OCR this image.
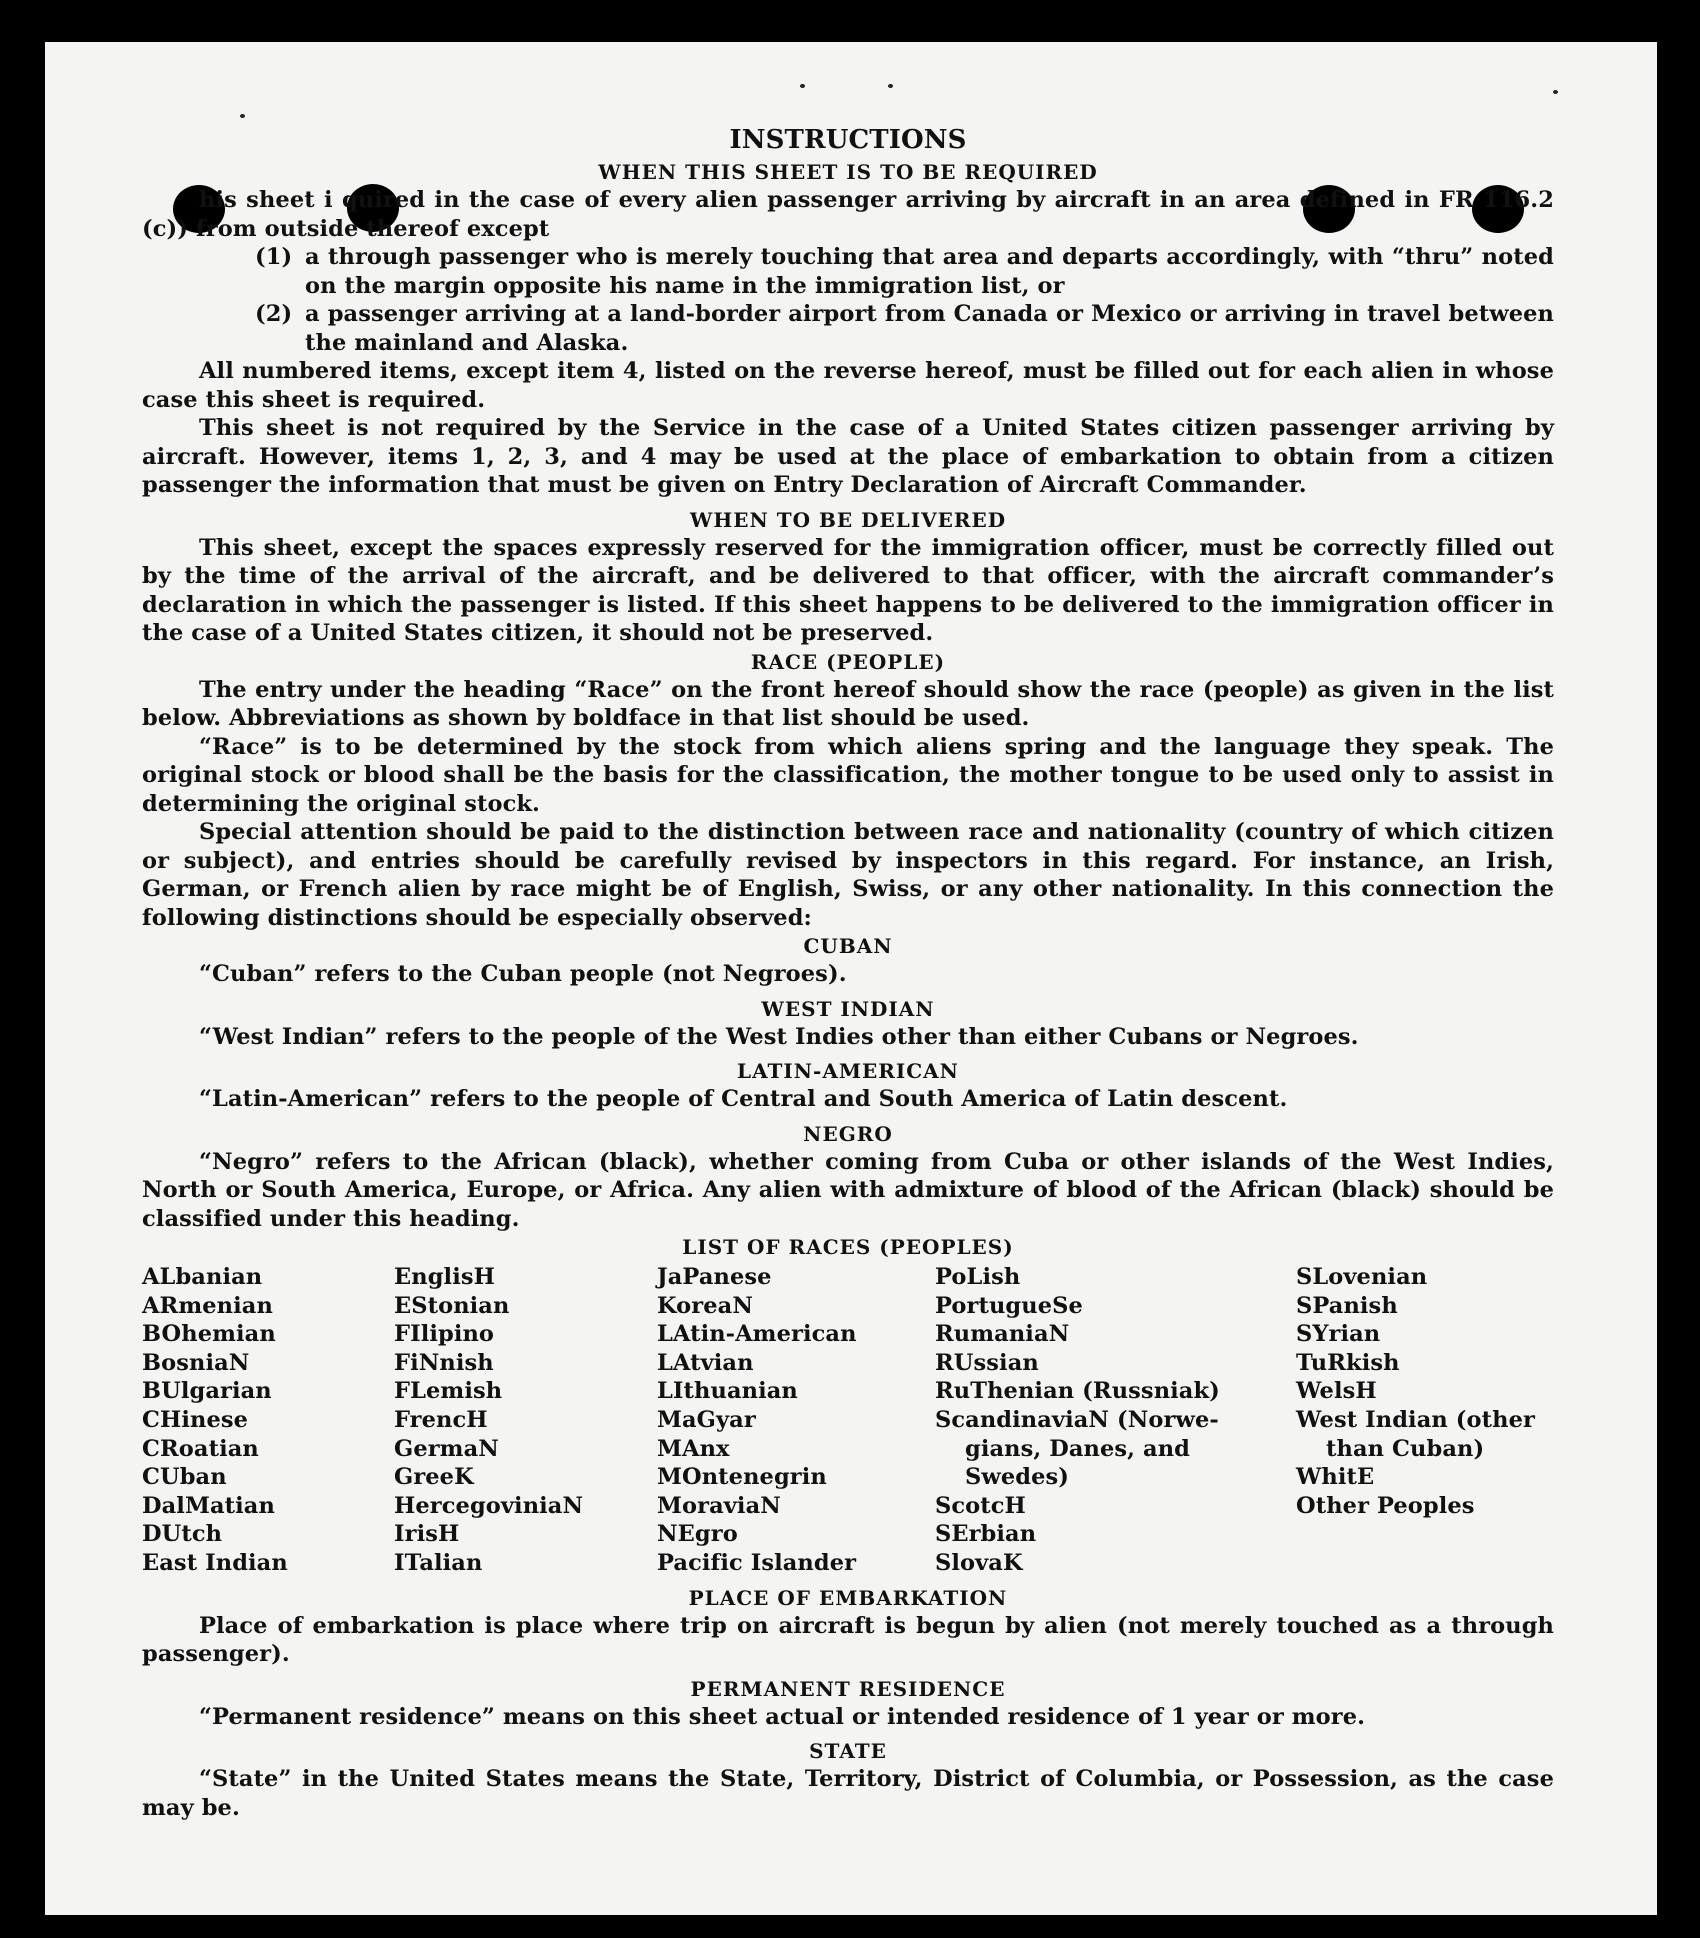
INSTRUCTIONS
WHEN THIS SHEET IS TO BE REQUIRED

his sheet i quired in the case of every alien passenger arriving by aircraft in an area defined in FR 116.2 (c)) from outside thereof except

(1) a through passenger who is merely touching that area and departs accordingly, with “thru” noted on the margin opposite his name in the immigration list, or
(2) a passenger arriving at a land-border airport from Canada or Mexico or arriving in travel between the mainland and Alaska.

All numbered items, except item 4, listed on the reverse hereof, must be filled out for each alien in whose case this sheet is required.

This sheet is not required by the Service in the case of a United States citizen passenger arriving by aircraft. However, items 1, 2, 3, and 4 may be used at the place of embarkation to obtain from a citizen passenger the information that must be given on Entry Declaration of Aircraft Commander.

WHEN TO BE DELIVERED

This sheet, except the spaces expressly reserved for the immigration officer, must be correctly filled out by the time of the arrival of the aircraft, and be delivered to that officer, with the aircraft commander’s declaration in which the passenger is listed. If this sheet happens to be delivered to the immigration officer in the case of a United States citizen, it should not be preserved.

RACE (PEOPLE)

The entry under the heading “Race” on the front hereof should show the race (people) as given in the list below. Abbreviations as shown by boldface in that list should be used.

“Race” is to be determined by the stock from which aliens spring and the language they speak. The original stock or blood shall be the basis for the classification, the mother tongue to be used only to assist in determining the original stock.

Special attention should be paid to the distinction between race and nationality (country of which citizen or subject), and entries should be carefully revised by inspectors in this regard. For instance, an Irish, German, or French alien by race might be of English, Swiss, or any other nationality. In this connection the following distinctions should be especially observed:

CUBAN

“Cuban” refers to the Cuban people (not Negroes).

WEST INDIAN

“West Indian” refers to the people of the West Indies other than either Cubans or Negroes.

LATIN-AMERICAN

“Latin-American” refers to the people of Central and South America of Latin descent.

NEGRO

“Negro” refers to the African (black), whether coming from Cuba or other islands of the West Indies, North or South America, Europe, or Africa. Any alien with admixture of blood of the African (black) should be classified under this heading.

LIST OF RACES (PEOPLES)
ALbanian
ARmenian
BOhemian
BosniaN
BUlgarian
CHinese
CRoatian
CUban
DalMatian
DUtch
East Indian
EnglisH
EStonian
FIlipino
FiNnish
FLemish
FrencH
GermaN
GreeK
HercegoviniaN
IrisH
ITalian
JaPanese
KoreaN
LAtin-American
LAtvian
LIthuanian
MaGyar
MAnx
MOntenegrin
MoraviaN
NEgro
Pacific Islander
PoLish
PortugueSe
RumaniaN
RUssian
RuThenian (Russniak)
ScandinaviaN (Norwe-
gians, Danes, and
Swedes)
ScotcH
SErbian
SlovaK
SLovenian
SPanish
SYrian
TuRkish
WelsH
West Indian (other
than Cuban)
WhitE
Other Peoples
PLACE OF EMBARKATION

Place of embarkation is place where trip on aircraft is begun by alien (not merely touched as a through passenger).

PERMANENT RESIDENCE

“Permanent residence” means on this sheet actual or intended residence of 1 year or more.

STATE

“State” in the United States means the State, Territory, District of Columbia, or Possession, as the case may be.
